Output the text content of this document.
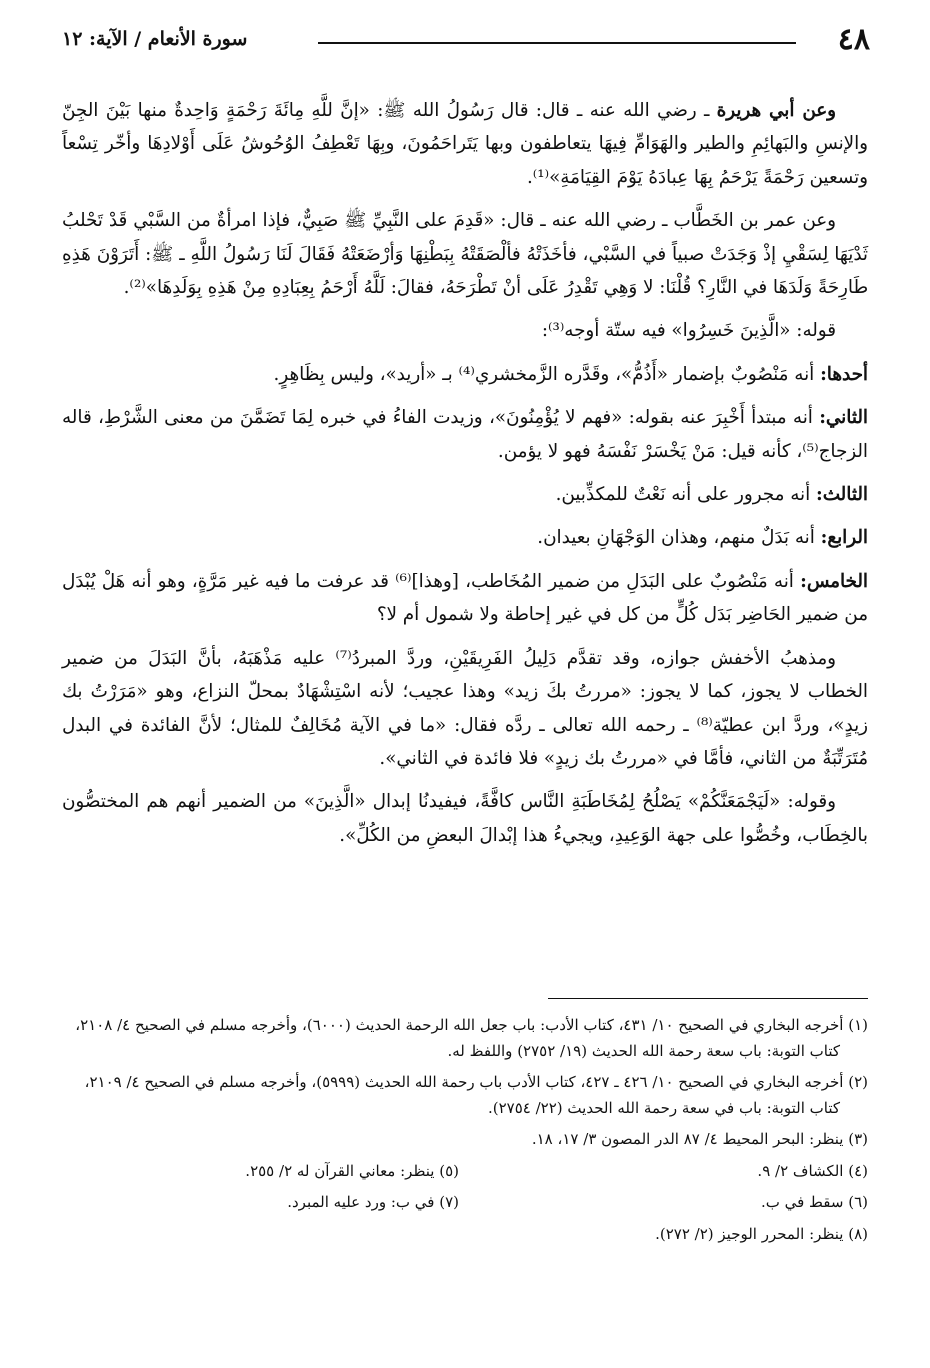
٤٨
سورة الأنعام / الآية: ١٢

وعن أبي هريرة ـ رضي الله عنه ـ قال: قال رَسُولُ الله ﷺ: «إنَّ للَّهِ مِائَةَ رَحْمَةٍ وَاحِدةٌ منها بَيْنَ الجِنّ والإنسِ والبَهائِمِ والطير والهَوَامِّ فِيهَا يتعاطفون وبها يَتَراحَمُونَ، وبِهَا تَعْطِفُ الوُحُوشُ عَلَى أَوْلادِهَا وأخّر تِسْعاً وتسعين رَحْمَةً يَرْحَمُ بِهَا عِبادَهُ يَوْمَ القِيَامَةِ»⁽¹⁾.

وعن عمر بن الخَطَّاب ـ رضي الله عنه ـ قال: «قَدِمَ على النَّبِيِّ ﷺ صَبِيٌّ، فإذا امرأةٌ من السَّبْي قَدْ تَحْلبُ ثَدْيَهَا لِسَقْيِ إذْ وَجَدَتْ صبياً في السَّبْي، فأخَذَتْهُ فألْصَقَتْهُ بِبَطْنِهَا وَأرْضَعَتْهُ فَقَالَ لَنَا رَسُولُ اللَّهِ ـ ﷺ: أَتَرَوْنَ هَذِهِ طَارِحَةً وَلَدَهَا في النَّارِ؟ قُلْنَا: لا وَهِي تَقْدِرُ عَلَى أنْ تَطْرَحَهُ، فقالَ: لَلَّهُ أَرْحَمُ بِعِبَادِهِ مِنْ هَذِهِ بِوَلَدِهَا»⁽²⁾.

قوله: «الَّذِينَ خَسِرُوا» فيه ستّة أوجه⁽³⁾:

أحدها: أنه مَنْصُوبٌ بإضمار «أَذُمُّ»، وقَدَّره الزَّمخشري⁽⁴⁾ بـ «أريد»، وليس بِظَاهِرٍ.

الثاني: أنه مبتدأ أَخْبِرَ عنه بقوله: «فهم لا يُؤْمِنُونَ»، وزيدت الفاءُ في خبره لِمَا تَضَمَّنَ من معنى الشَّرْطِ، قاله الزجاج⁽⁵⁾، كأنه قيل: مَنْ يَخْسَرْ نَفْسَهُ فهو لا يؤمن.

الثالث: أنه مجرور على أنه نَعْتٌ للمكذِّبين.

الرابع: أنه بَدَلٌ منهم، وهذان الوَجْهَانِ بعيدان.

الخامس: أنه مَنْصُوبٌ على البَدَلِ من ضمير المُخَاطب، [وهذا]⁽⁶⁾ قد عرفت ما فيه غير مَرَّةٍ، وهو أنه هَلْ يُبْدَل من ضمير الحَاضِر بَدَل كُلٍّ من كل في غير إحاطة ولا شمول أم لا؟

ومذهبُ الأخفش جوازه، وقد تقدَّم دَلِيلُ الفَرِيقَيْنِ، وردَّ المبردُ⁽⁷⁾ عليه مَذْهَبَهُ، بأنَّ البَدَلَ من ضمير الخطاب لا يجوز، كما لا يجوز: «مررتُ بكَ زيد» وهذا عجيب؛ لأنه اسْتِشْهَادٌ بمحلّ النزاع، وهو «مَرَرْتُ بك زيدٍ»، وردَّ ابن عطيّة⁽⁸⁾ ـ رحمه الله تعالى ـ ردَّه فقال: «ما في الآية مُخَالِفٌ للمثال؛ لأنَّ الفائدة في البدل مُتَرَتِّبَةٌ من الثاني، فأمَّا في «مررتُ بك زيدٍ» فلا فائدة في الثاني».

وقوله: «لَيَجْمَعَنَّكُمْ» يَصْلُحُ لِمُخَاطَبَةِ النَّاس كافَّةً، فيفيدنُا إبدال «الَّذِينَ» من الضمير أنهم هم المختصُّون بالخِطَاب، وخُصُّوا على جهة الوَعِيدِ، ويجيءُ هذا إبْدالَ البعضِ من الكُلِّ».

(١) أخرجه البخاري في الصحيح ١٠/ ٤٣١، كتاب الأدب: باب جعل الله الرحمة الحديث (٦٠٠٠)، وأخرجه مسلم في الصحيح ٤/ ٢١٠٨، كتاب التوبة: باب سعة رحمة الله الحديث (١٩/ ٢٧٥٢) واللفظ له.
(٢) أخرجه البخاري في الصحيح ١٠/ ٤٢٦ ـ ٤٢٧، كتاب الأدب باب رحمة الله الحديث (٥٩٩٩)، وأخرجه مسلم في الصحيح ٤/ ٢١٠٩، كتاب التوبة: باب في سعة رحمة الله الحديث (٢٢/ ٢٧٥٤).
(٣) ينظر: البحر المحيط ٤/ ٨٧ الدر المصون ٣/ ١٧، ١٨.
(٤) الكشاف ٢/ ٩.
(٥) ينظر: معاني القرآن له ٢/ ٢٥٥.
(٦) سقط في ب.
(٧) في ب: ورد عليه المبرد.
(٨) ينظر: المحرر الوجيز (٢/ ٢٧٢).
